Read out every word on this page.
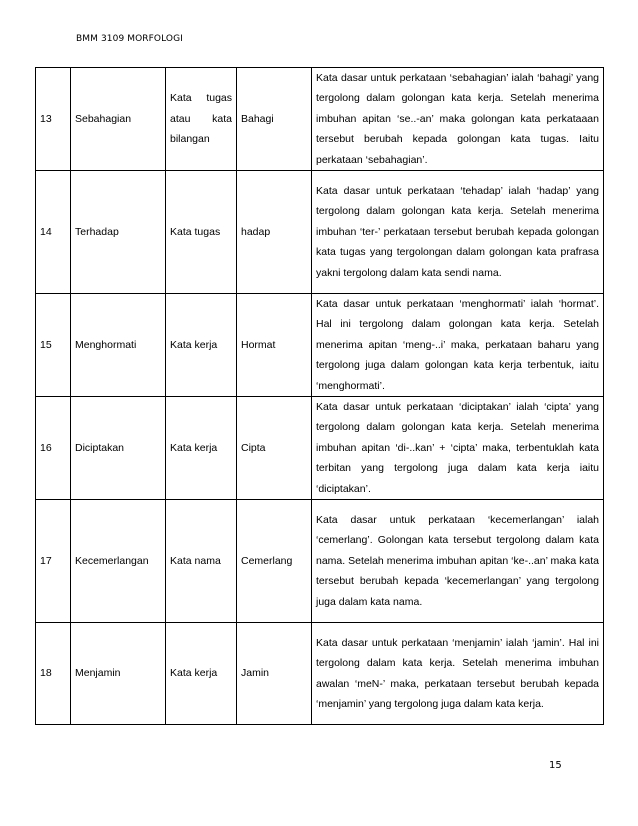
BMM 3109 MORFOLOGI
13	Sebahagian	Kata tugas atau kata bilangan	Bahagi	Kata dasar untuk perkataan ‘sebahagian’ ialah ‘bahagi’ yang tergolong dalam golongan kata kerja. Setelah menerima imbuhan apitan ‘se..-an’ maka golongan kata perkataaan tersebut berubah kepada golongan kata tugas. Iaitu perkataan ‘sebahagian’.
14	Terhadap	Kata tugas	hadap	Kata dasar untuk perkataan ‘tehadap’ ialah ‘hadap’ yang tergolong dalam golongan kata kerja. Setelah menerima imbuhan ‘ter-’ perkataan tersebut berubah kepada golongan kata tugas yang tergolongan dalam golongan kata prafrasa yakni tergolong dalam kata sendi nama.
15	Menghormati	Kata kerja	Hormat	Kata dasar untuk perkataan ‘menghormati’ ialah ‘hormat’. Hal ini tergolong dalam golongan kata kerja. Setelah menerima apitan ‘meng-..i’ maka, perkataan baharu yang tergolong juga dalam golongan kata kerja terbentuk, iaitu ‘menghormati’.
16	Diciptakan	Kata kerja	Cipta	Kata dasar untuk perkataan ‘diciptakan’ ialah ‘cipta’ yang tergolong dalam golongan kata kerja. Setelah menerima imbuhan apitan ‘di-..kan’ + ‘cipta’ maka, terbentuklah kata terbitan yang tergolong juga dalam kata kerja iaitu ‘diciptakan’.
17	Kecemerlangan	Kata nama	Cemerlang	Kata dasar untuk perkataan ‘kecemerlangan’ ialah ‘cemerlang’. Golongan kata tersebut tergolong dalam kata nama. Setelah menerima imbuhan apitan ‘ke-..an’ maka kata tersebut berubah kepada ‘kecemerlangan’ yang tergolong juga dalam kata nama.
18	Menjamin	Kata kerja	Jamin	Kata dasar untuk perkataan ‘menjamin’ ialah ‘jamin’. Hal ini tergolong dalam kata kerja. Setelah menerima imbuhan awalan ‘meN-’ maka, perkataan tersebut berubah kepada ‘menjamin’ yang tergolong juga dalam kata kerja.
15
